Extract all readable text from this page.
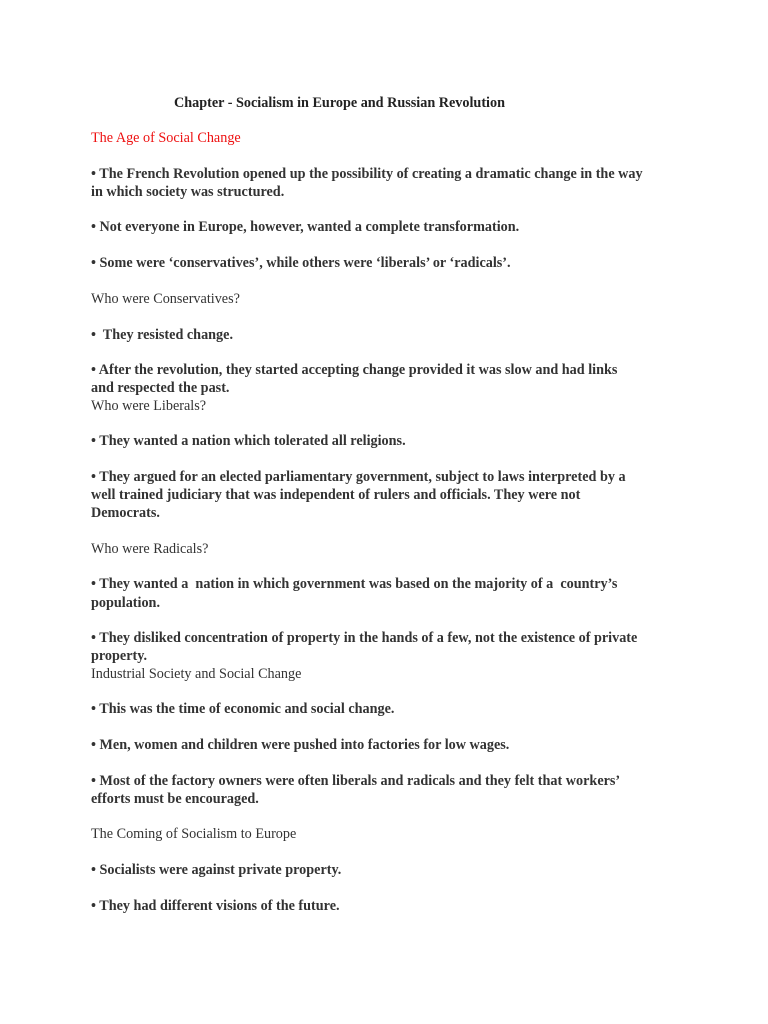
Chapter - Socialism in Europe and Russian Revolution
The Age of Social Change
• The French Revolution opened up the possibility of creating a dramatic change in the way
in which society was structured.
• Not everyone in Europe, however, wanted a complete transformation.
• Some were ‘conservatives’, while others were ‘liberals’ or ‘radicals’.
Who were Conservatives?
•  They resisted change.
• After the revolution, they started accepting change provided it was slow and had links
and respected the past.
Who were Liberals?
• They wanted a nation which tolerated all religions.
• They argued for an elected parliamentary government, subject to laws interpreted by a
well trained judiciary that was independent of rulers and officials. They were not
Democrats.
Who were Radicals?
• They wanted a  nation in which government was based on the majority of a  country’s
population.
• They disliked concentration of property in the hands of a few, not the existence of private
property.
Industrial Society and Social Change
• This was the time of economic and social change.
• Men, women and children were pushed into factories for low wages.
• Most of the factory owners were often liberals and radicals and they felt that workers’
efforts must be encouraged.
The Coming of Socialism to Europe
• Socialists were against private property.
• They had different visions of the future.
